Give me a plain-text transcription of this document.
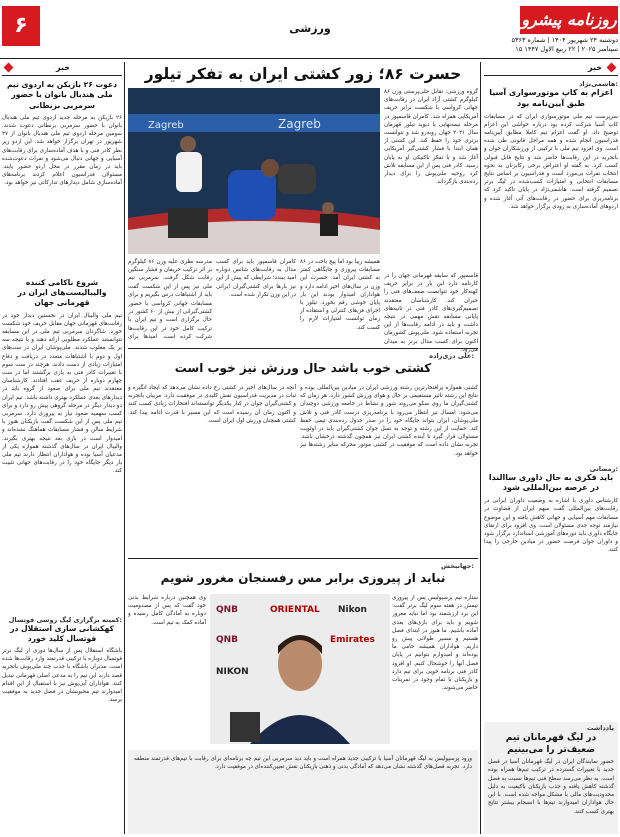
۶	ورزشی	روزنامه پیشرو
دوشنبه ۲۴ شهریور ۱۴۰۴ | شماره ۵۳۶۳
۱۵ سپتامبر ۲۰۲۵ | ۲۲ ربیع الاول ۱۴۴۷
خبر
هاشمی‌نژاد:
اعزام به کاپ موتورسواری آسیا طبق آیین‌نامه بود
سرپرست تیم ملی موتورسواری ایران که در مسابقات کاپ آسیا شرکت کرده بود درباره حواشی این اعزام توضیح داد. او گفت اعزام تیم کاملا مطابق آیین‌نامه فدراسیون انجام شده و همه مراحل قانونی طی شده است. وی افزود تیم ملی با ترکیبی از ورزشکاران جوان و باتجربه در این رقابت‌ها حاضر شد و نتایج قابل قبولی کسب کرد. به گفته او اعتراض برخی رکابزنان به نحوه انتخاب نفرات بی‌مورد است و فدراسیون بر اساس نتایج مسابقات انتخابی و امتیازات کسب‌شده در لیگ برتر تصمیم گرفته است. هاشمی‌نژاد در پایان تاکید کرد که برنامه‌ریزی برای حضور در رقابت‌های آتی آغاز شده و اردوهای آماده‌سازی به زودی برگزار خواهد شد.
رمضانی:
باید فکری به حال داوری ساالندا در عرصه بین‌المللی شود
کارشناس داوری با اشاره به وضعیت داوران ایرانی در رقابت‌های بین‌المللی گفت سهم ایران از قضاوت در مسابقات مهم آسیایی و جهانی کاهش یافته و این موضوع نیازمند توجه جدی مسئولان است. وی افزود برای ارتقای جایگاه داوری باید دوره‌های آموزشی استاندارد برگزار شود و داوران جوان فرصت حضور در میادین خارجی را پیدا کنند.
یادداشت
در لیگ قهرمانان تیم ضعیف‌تر را می‌بینیم
حضور نمایندگان ایران در لیگ قهرمانان آسیا در فصل جدید با تغییرات گسترده در ترکیب تیم‌ها همراه بوده است. به نظر می‌رسد سطح فنی تیم‌ها نسبت به فصل گذشته کاهش یافته و جذب بازیکنان باکیفیت به دلیل محدودیت‌های مالی با مشکل مواجه شده است. با این حال هواداران امیدوارند تیم‌ها با انسجام بیشتر نتایج بهتری کسب کنند.
خبر
دعوت ۲۶ بازیکن به اردوی تیم ملی هندبال بانوان با حضور سرمربی بزنطانی
۲۶ بازیکن به مرحله جدید اردوی تیم ملی هندبال بانوان با حضور سرمربی بزنطانی دعوت شدند. سومین مرحله اردوی تیم ملی هندبال بانوان از ۲۷ شهریور در تهران برگزار خواهد شد. این اردو زیر نظر کادر فنی و با هدف آماده‌سازی برای رقابت‌های آسیایی و جهانی دنبال می‌شود و نفرات دعوت‌شده باید در زمان مقرر در محل اردو حضور یابند. مسئولان فدراسیون اعلام کردند برنامه‌های آماده‌سازی شامل دیدارهای تدارکاتی نیز خواهد بود.
شروع ناکامی کننده والیبالیست‌های ایران در قهرمانی جهان
تیم ملی والیبال ایران در نخستین دیدار خود در رقابت‌های قهرمانی جهان مقابل حریف خود شکست خورد. شاگردان سرمربی تیم ملی در این مسابقه نتوانستند عملکرد مطلوبی ارائه دهند و با نتیجه سه بر یک مغلوب شدند. ملی‌پوشان ایران در ست‌های اول و دوم با اشتباهات متعدد در دریافت و دفاع امتیازات زیادی از دست دادند. هرچند در ست سوم با تغییرات کادر فنی به بازی برگشتند اما در ست چهارم دوباره از حریف عقب افتادند. کارشناسان معتقدند تیم ملی برای صعود از گروه باید در دیدارهای بعدی عملکرد بهتری داشته باشد. تیم ایران دو دیدار دیگر در مرحله گروهی پیش رو دارد و برای کسب سهمیه صعود نیاز به پیروزی دارد. سرمربی تیم ملی پس از این شکست گفت بازیکنان هنوز با شرایط سالن و فشار مسابقات هماهنگ نشده‌اند و امیدوار است در بازی بعد نتیجه بهتری بگیرند. والیبال ایران در سال‌های گذشته همواره یکی از مدعیان آسیا بوده و هواداران انتظار دارند تیم ملی بار دیگر جایگاه خود را در رقابت‌های جهانی تثبیت کند.
کمیته برگزاری لیگ روسی فوتسال:
کهکشانی سازی استقلال در فوتسال کلید خورد
باشگاه استقلال پس از سال‌ها دوری از لیگ برتر فوتسال دوباره با ترکیبی قدرتمند وارد رقابت‌ها شده است. مدیران باشگاه با جذب چند ملی‌پوش باتجربه قصد دارند این تیم را به مدعی اصلی قهرمانی تبدیل کنند. هواداران آبی‌پوش نیز با استقبال از این اقدام امیدوارند تیم محبوبشان در فصل جدید به موفقیت برسد.
حسرت ۸۶؛ زور کشتی ایران به تفکر تیلور
Zagreb
Zagreb
گروه ورزشی: تقابل حلی‌پرستی وزن ۸۶ کیلوگرم کشتی آزاد ایران در رقابت‌های جهانی کرواسی با شکست برابر حریف آمریکایی همراه شد. کامران قاسمپور در مرحله نیمه‌نهایی با دیوید تیلور قهرمان سال ۲۰۲۱ جهان روبه‌رو شد و نتوانست برتری خود را حفظ کند. این کشتی از همان ابتدا با فشار کشتی‌گیر آمریکایی آغاز شد و با تفکر تاکتیکی او به پایان رسید. کادر فنی پس از این مسابقه تلاش کرد روحیه ملی‌پوش را برای دیدار رده‌بندی بازگرداند.
قاسمپور که سابقه قهرمانی جهان را در کارنامه دارد این بار در برابر حریف کهنه‌کار خود نتوانست ضعف‌های فنی را جبران کند. کارشناسان معتقدند تصمیم‌گیری‌های کادر فنی در ثانیه‌های پایانی مسابقه نقش مهمی در نتیجه داشت و باید در ادامه رقابت‌ها از این تجربه استفاده شود. ملی‌پوش کشورمان اکنون برای کسب مدال برنز به میدان می‌رود.
همیشه زیبا بود اما پیچ باخت در ۸۶ مسابقات پیروزی و جایگاهی کمتر به کشتی ایران آمد. حسرت این وزن در سال‌های اخیر ادامه دارد و هواداران امیدوار بودند این بار پایان خوشی رقم بخورد. تیلور با اجرای فن‌های کنترلی و استفاده از زمان توانست امتیازات لازم را کسب کند.
کامران قاسمپور باید برای کسب مدال به رقابت‌های شانس دوباره امید ببندد؛ شرایطی که پیش از این نیز بارها برای کشتی‌گیران ایرانی در این وزن تکرار شده است.
مدرسه نظری علیه وزن ۸۶ کیلوگرم بر اثر ترکیب حریفان و فشار سنگین رقابت شکل گرفت. سرمربی تیم ملی نیز پس از این شکست گفت باید از اشتباهات درس بگیریم و برای
مسابقات جهانی کرواسی با حضور کشتی‌گیرانی از بیش از ۶۰ کشور در حال برگزاری است و تیم ایران با ترکیب کامل خود در این رقابت‌ها شرکت کرده است. امیدها برای
علی دری‌زاده:
کشتی خوب باشد حال ورزش نیز خوب است
کشتی همواره پرافتخارترین رشته ورزشی ایران در میادین بین‌المللی بوده و نتایج این رشته تاثیر مستقیمی بر حال و هوای ورزش کشور دارد. هر زمان که کشتی‌گیران ما روی سکو می‌روند شور و نشاط در جامعه ورزشی دوچندان می‌شود. امسال نیز انتظار می‌رود با برنامه‌ریزی درست کادر فنی و تلاش ملی‌پوشان، ایران بتواند جایگاه خود را در صدر جدول رده‌بندی تیمی حفظ کند. حمایت از این رشته و توجه به نسل جوان کشتی‌گیران باید در اولویت مسئولان قرار گیرد تا آینده کشتی ایران نیز همچون گذشته درخشان باشد. تجربه نشان داده است که موفقیت در کشتی موتور محرکه سایر رشته‌ها نیز خواهد بود.
آنچه در سال‌های اخیر در کشتی رخ داده نشان می‌دهد که ایجاد انگیزه و ثبات در مدیریت فدراسیون نقش کلیدی در موفقیت دارد. مربیان باتجربه و کشتی‌گیران جوان در کنار یکدیگر توانسته‌اند افتخارات زیادی کسب کنند و اکنون زمان آن رسیده است که این مسیر با قدرت ادامه پیدا کند. کشتی همچنان ورزش اول ایران است.
جهانبخش:
نباید از پیروزی برابر مس رفسنجان مغرور شویم
QNB	ORIENTAL Nikon
QNB	Emirates
NIKON
ستاره تیم پرسپولیس پس از پیروزی تیمش در هفته سوم لیگ برتر گفت: این برد ارزشمند بود اما نباید مغرور شویم و باید برای بازی‌های بعدی آماده باشیم. ما هنوز در ابتدای فصل هستیم و مسیر طولانی پیش رو داریم. هواداران همیشه حامی ما بوده‌اند و امیدوارم بتوانیم در پایان فصل آنها را خوشحال کنیم. او افزود کادر فنی برنامه خوبی برای تیم دارد و بازیکنان با تمام وجود در تمرینات حاضر می‌شوند.
وی همچنین درباره شرایط بدنی خود گفت که پس از مصدومیت دوباره به آمادگی کامل رسیده و آماده کمک به تیم است.
ورود پرسپولیس به لیگ قهرمانان آسیا با ترکیبی جدید همراه است و باید دید سرمربی این تیم چه برنامه‌ای برای رقابت با تیم‌های قدرتمند منطقه دارد. تجربه فصل‌های گذشته نشان می‌دهد که آمادگی بدنی و ذهنی بازیکنان نقش تعیین‌کننده‌ای در موفقیت دارد.
